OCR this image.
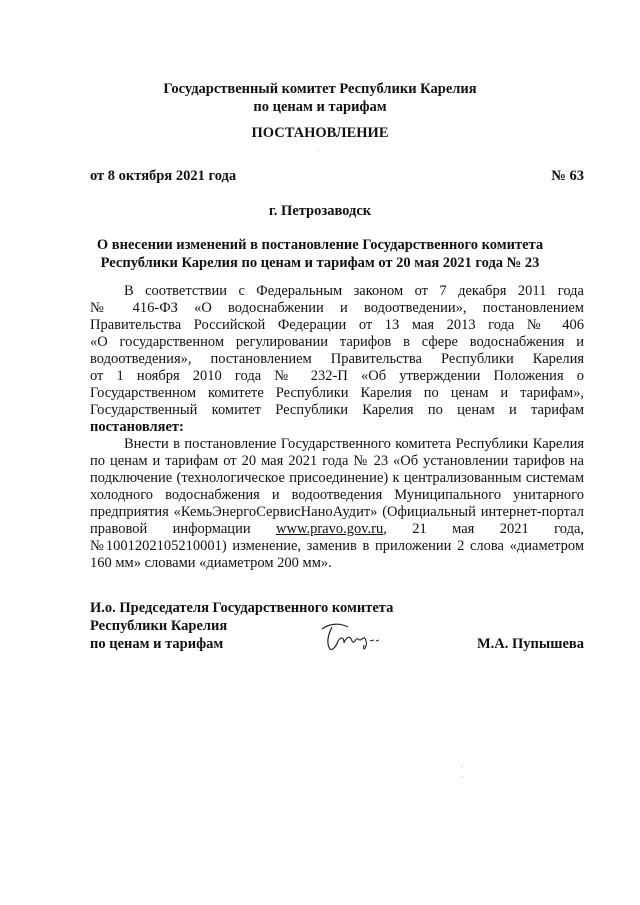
Государственный комитет Республики Карелия
по ценам и тарифам
ПОСТАНОВЛЕНИЕ
от 8 октября 2021 года	№ 63
г. Петрозаводск
О внесении изменений в постановление Государственного комитета
Республики Карелия по ценам и тарифам от 20 мая 2021 года № 23
В соответствии с Федеральным законом от 7 декабря 2011 года
№ 416-ФЗ «О водоснабжении и водоотведении», постановлением
Правительства Российской Федерации от 13 мая 2013 года № 406
«О государственном регулировании тарифов в сфере водоснабжения и
водоотведения», постановлением Правительства Республики Карелия
от 1 ноября 2010 года № 232-П «Об утверждении Положения о
Государственном комитете Республики Карелия по ценам и тарифам»,
Государственный комитет Республики Карелия по ценам и тарифам
постановляет:
Внести в постановление Государственного комитета Республики Карелия
по ценам и тарифам от 20 мая 2021 года № 23 «Об установлении тарифов на
подключение (технологическое присоединение) к централизованным системам
холодного водоснабжения и водоотведения Муниципального унитарного
предприятия «КемьЭнергоСервисНаноАудит» (Официальный интернет-портал
правовой информации www.pravo.gov.ru, 21 мая 2021 года,
№1001202105210001) изменение, заменив в приложении 2 слова «диаметром
160 мм» словами «диаметром 200 мм».
И.о. Председателя Государственного комитета
Республики Карелия
по ценам и тарифам	М.А. Пупышева
